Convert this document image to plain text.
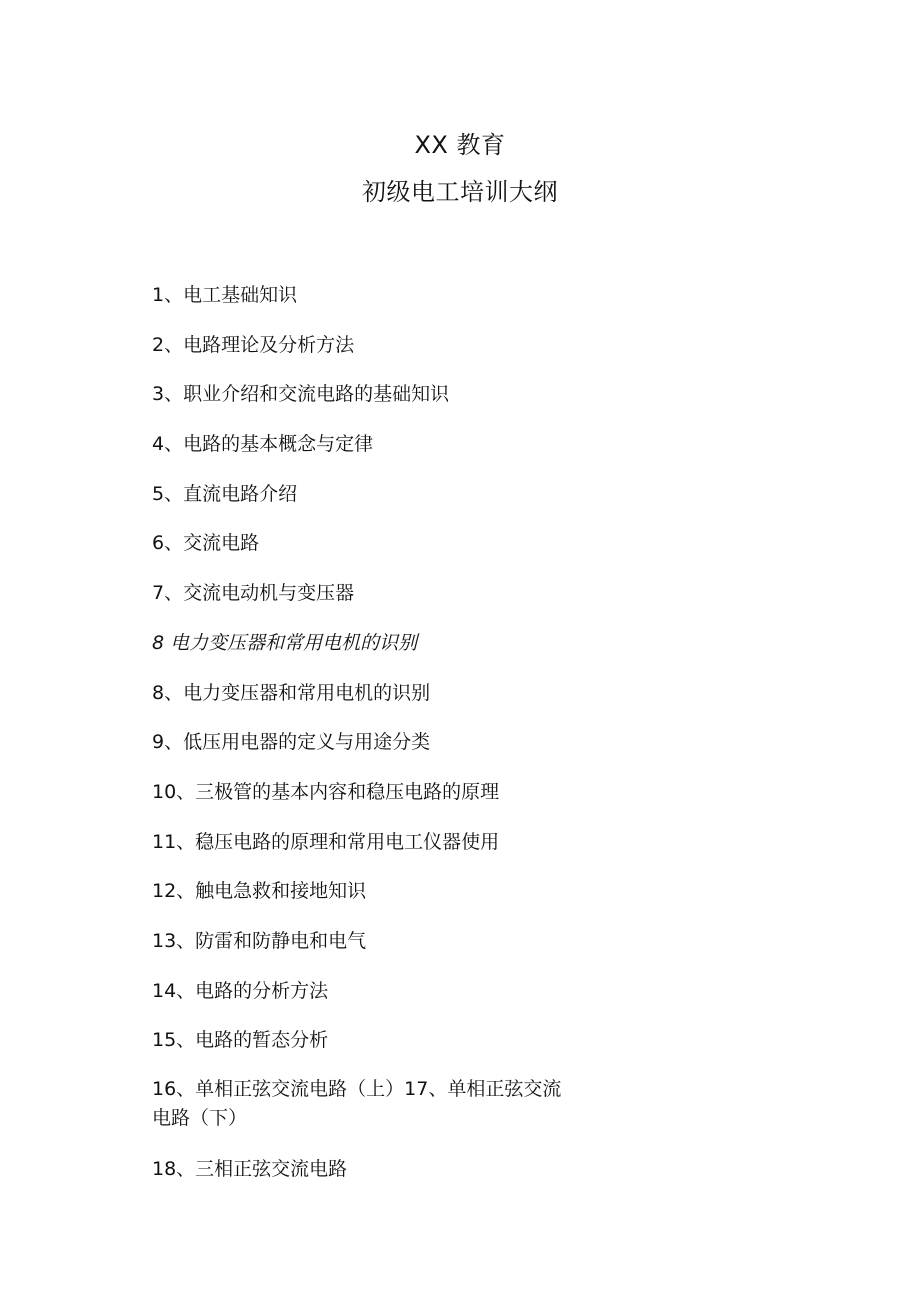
XX 教育
初级电工培训大纲
1、电工基础知识
2、电路理论及分析方法
3、职业介绍和交流电路的基础知识
4、电路的基本概念与定律
5、直流电路介绍
6、交流电路
7、交流电动机与变压器
8 电力变压器和常用电机的识别
8、电力变压器和常用电机的识别
9、低压用电器的定义与用途分类
10、三极管的基本内容和稳压电路的原理
11、稳压电路的原理和常用电工仪器使用
12、触电急救和接地知识
13、防雷和防静电和电气
14、电路的分析方法
15、电路的暂态分析
16、单相正弦交流电路（上）17、单相正弦交流电路（下）
18、三相正弦交流电路
